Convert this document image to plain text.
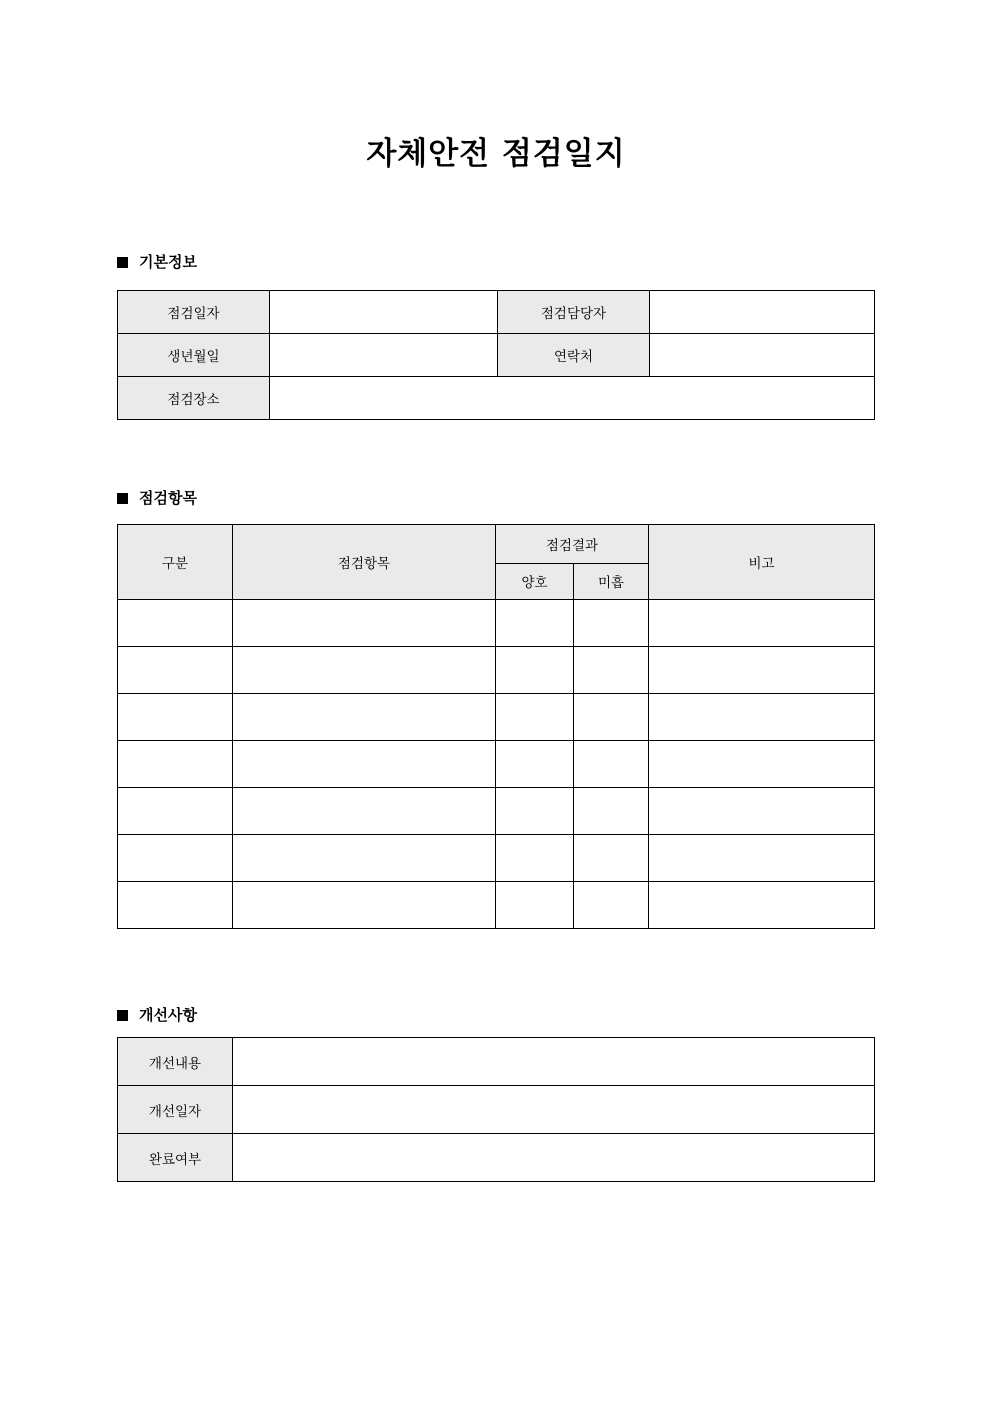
자체안전 점검일지
기본정보
점검일자		점검담당자	
생년월일		연락처	
점검장소			
점검항목
구분	점검항목	점검결과		비고
		양호	미흡	

개선사항
개선내용	
개선일자	
완료여부	
